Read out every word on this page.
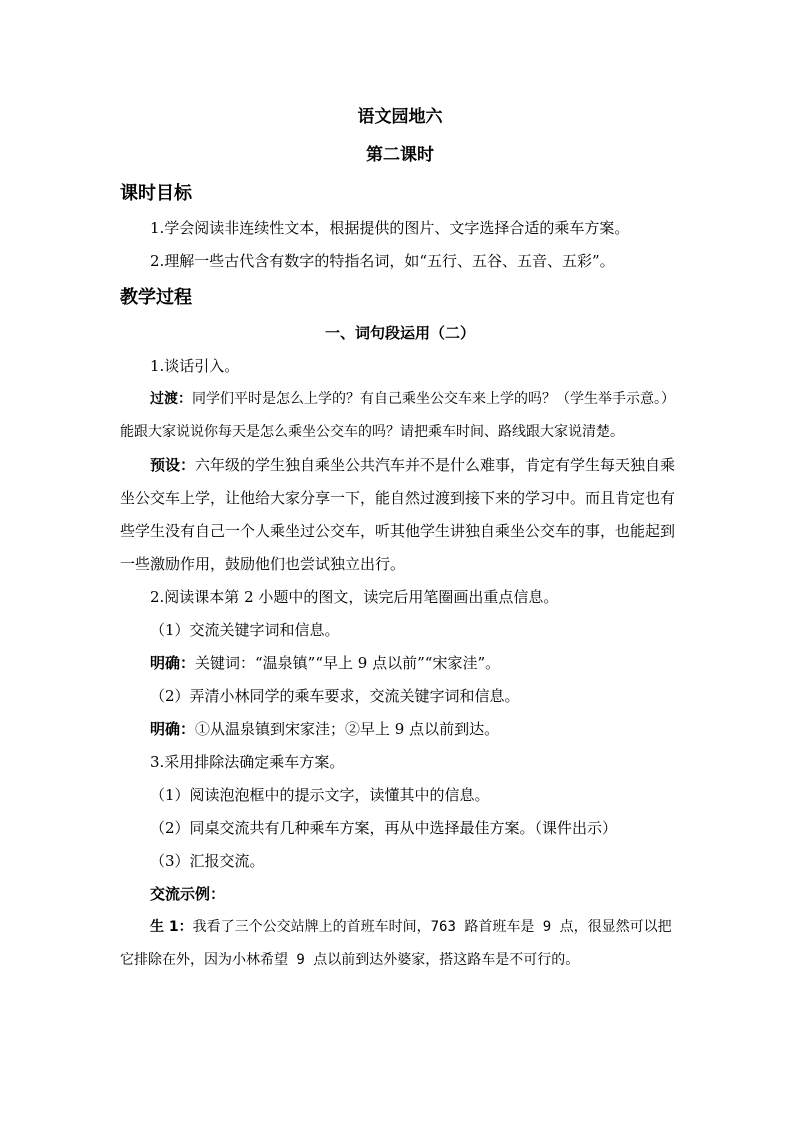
语文园地六
第二课时
课时目标

1.学会阅读非连续性文本，根据提供的图片、文字选择合适的乘车方案。

2.理解一些古代含有数字的特指名词，如“五行、五谷、五音、五彩”。

教学过程
一、词句段运用（二）

1.谈话引入。

过渡：同学们平时是怎么上学的？有自己乘坐公交车来上学的吗？（学生举手示意。）能跟大家说说你每天是怎么乘坐公交车的吗？请把乘车时间、路线跟大家说清楚。

预设：六年级的学生独自乘坐公共汽车并不是什么难事，肯定有学生每天独自乘坐公交车上学，让他给大家分享一下，能自然过渡到接下来的学习中。而且肯定也有些学生没有自己一个人乘坐过公交车，听其他学生讲独自乘坐公交车的事，也能起到一些激励作用，鼓励他们也尝试独立出行。

2.阅读课本第 2 小题中的图文，读完后用笔圈画出重点信息。

（1）交流关键字词和信息。

明确：关键词：“温泉镇”“早上 9 点以前”“宋家洼”。

（2）弄清小林同学的乘车要求，交流关键字词和信息。

明确：①从温泉镇到宋家洼；②早上 9 点以前到达。

3.采用排除法确定乘车方案。

（1）阅读泡泡框中的提示文字，读懂其中的信息。

（2）同桌交流共有几种乘车方案，再从中选择最佳方案。（课件出示）

（3）汇报交流。

交流示例：

生 1：我看了三个公交站牌上的首班车时间，763 路首班车是 9 点，很显然可以把它排除在外，因为小林希望 9 点以前到达外婆家，搭这路车是不可行的。
